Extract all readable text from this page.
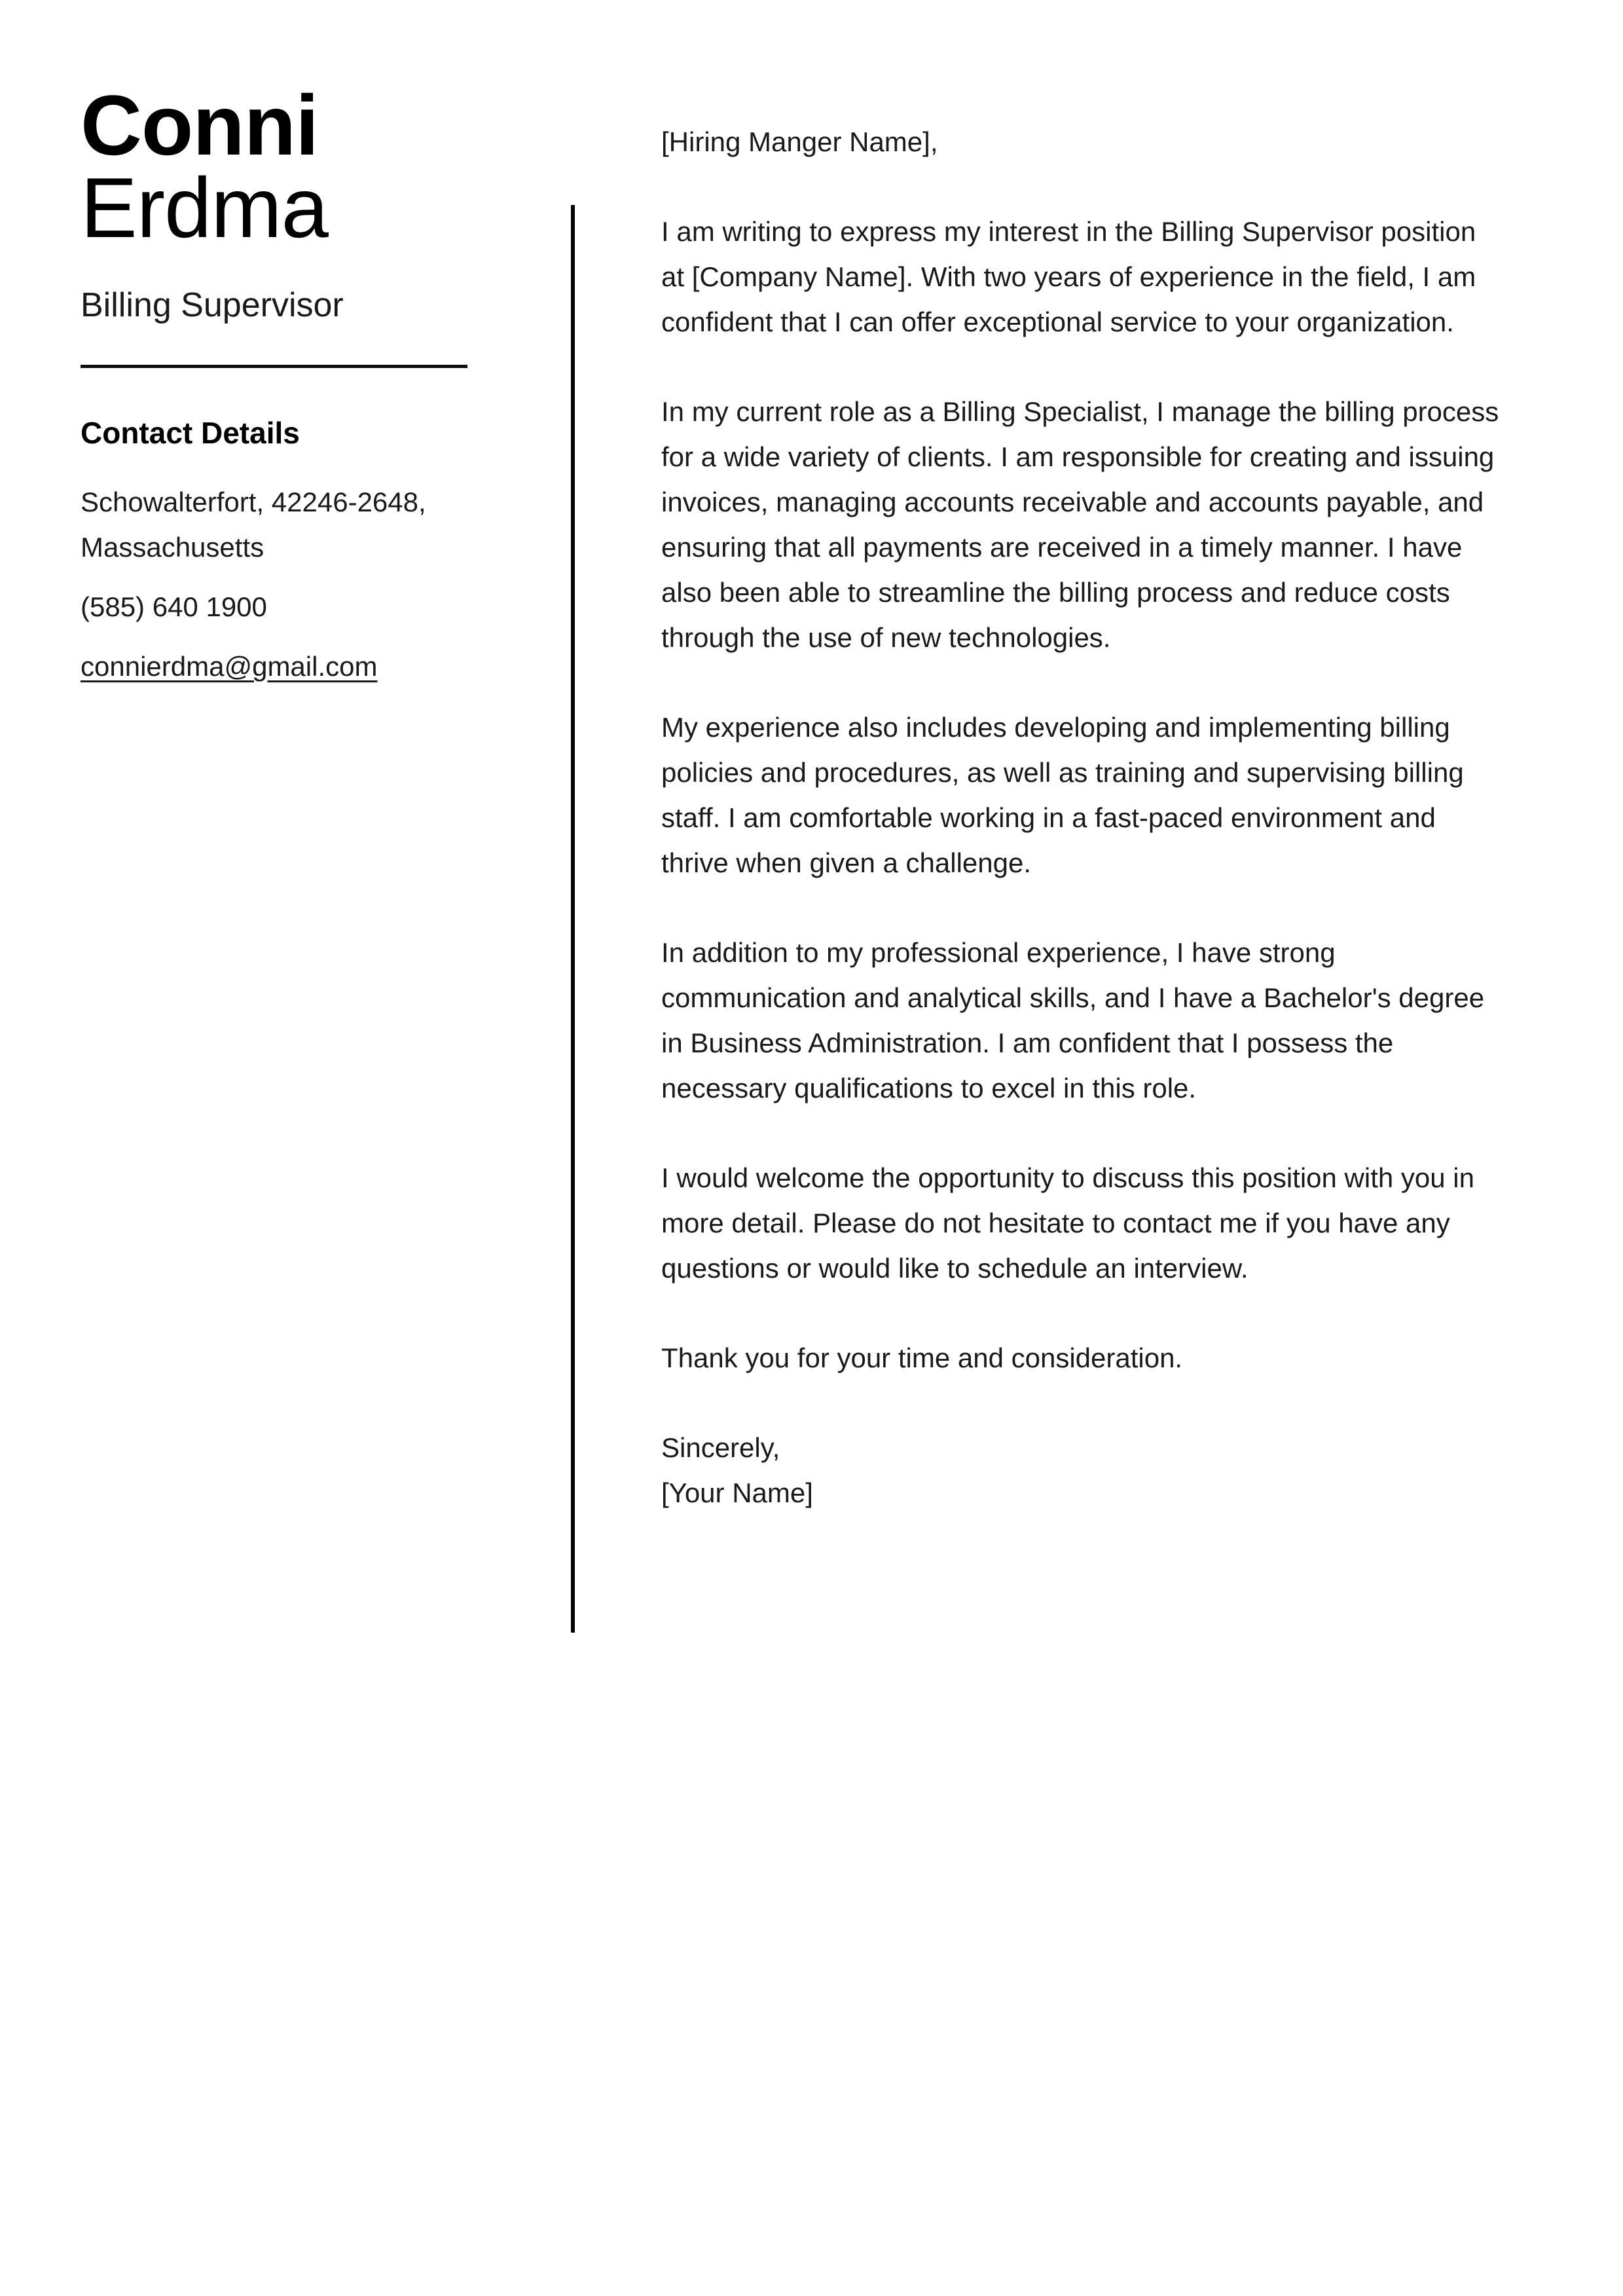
Conni
Erdma
Billing Supervisor
Contact Details

Schowalterfort, 42246-2648,
Massachusetts

(585) 640 1900

connierdma@gmail.com

[Hiring Manger Name],

I am writing to express my interest in the Billing Supervisor position at [Company Name]. With two years of experience in the field, I am confident that I can offer exceptional service to your organization.

In my current role as a Billing Specialist, I manage the billing process for a wide variety of clients. I am responsible for creating and issuing invoices, managing accounts receivable and accounts payable, and ensuring that all payments are received in a timely manner. I have also been able to streamline the billing process and reduce costs through the use of new technologies.

My experience also includes developing and implementing billing policies and procedures, as well as training and supervising billing staff. I am comfortable working in a fast-paced environment and thrive when given a challenge.

In addition to my professional experience, I have strong communication and analytical skills, and I have a Bachelor's degree in Business Administration. I am confident that I possess the necessary qualifications to excel in this role.

I would welcome the opportunity to discuss this position with you in more detail. Please do not hesitate to contact me if you have any questions or would like to schedule an interview.

Thank you for your time and consideration.

Sincerely,
[Your Name]
